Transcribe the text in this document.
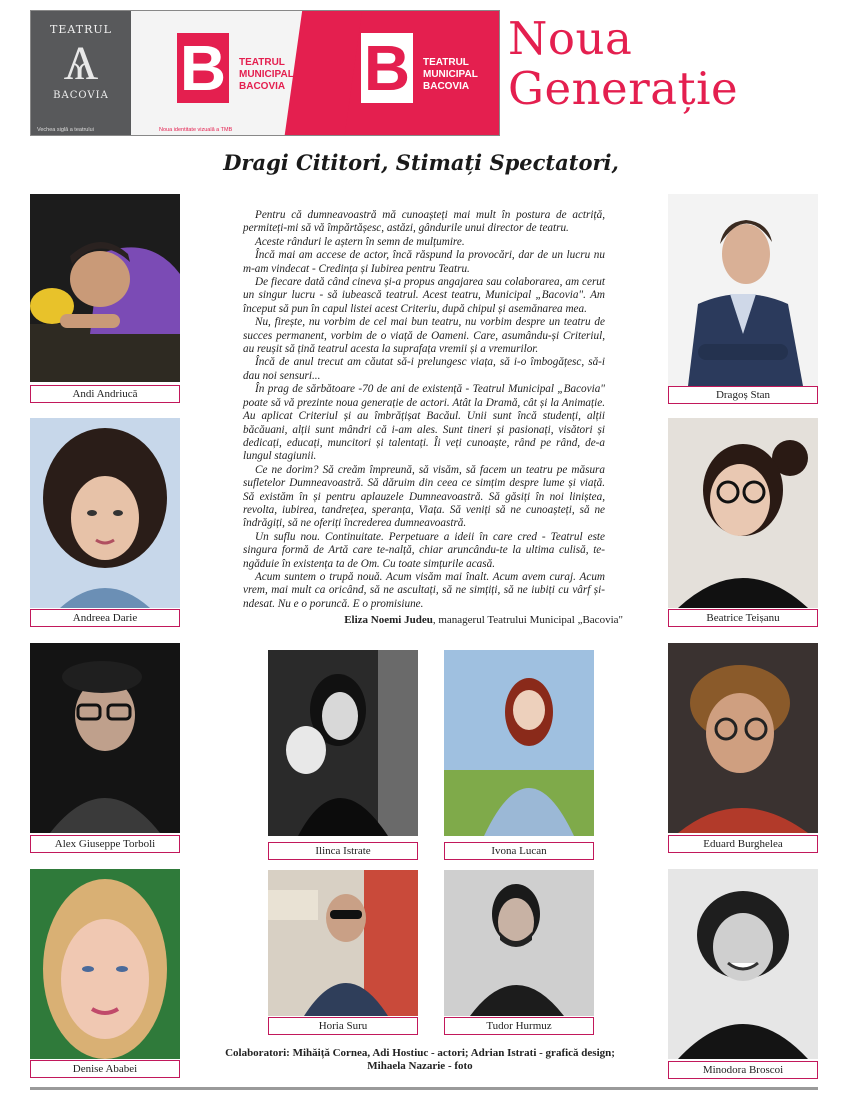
TEATRUL
Ѧ
BACOVIA
Vechea siglă a teatrului	Noua identitate vizuală a TMB
B TEATRUL
MUNICIPAL
BACOVIA B TEATRUL
MUNICIPAL
BACOVIA
Noua
Generație
Dragi Cititori, Stimați Spectatori,

Pentru că dumneavoastră mă cunoașteți mai mult în postura de actriță, permiteți-mi să vă împărtășesc, astăzi, gândurile unui director de teatru.

Aceste rânduri le aștern în semn de mulțumire.

Încă mai am accese de actor, încă răspund la provocări, dar de un lucru nu m-am vindecat - Credința și Iubirea pentru Teatru.

De fiecare dată când cineva și-a propus angajarea sau colaborarea, am cerut un singur lucru - să iubească teatrul. Acest teatru, Municipal „Bacovia". Am început să pun în capul listei acest Criteriu, după chipul și asemănarea mea.

Nu, firește, nu vorbim de cel mai bun teatru, nu vorbim despre un teatru de succes permanent, vorbim de o viață de Oameni. Care, asumându-și Criteriul, au reușit să țină teatrul acesta la suprafața vremii și a vremurilor.

Încă de anul trecut am căutat să-i prelungesc viața, să i-o îmbogățesc, să-i dau noi sensuri...

În prag de sărbătoare -70 de ani de existență - Teatrul Municipal „Bacovia" poate să vă prezinte noua generație de actori. Atât la Dramă, cât și la Animație. Au aplicat Criteriul și au îmbrățișat Bacăul. Unii sunt încă studenți, alții băcăuani, alții sunt mândri că i-am ales. Sunt tineri și pasionați, visători și dedicați, educați, muncitori și talentați. Îi veți cunoaște, rând pe rând, de-a lungul stagiunii.

Ce ne dorim? Să creăm împreună, să visăm, să facem un teatru pe măsura sufletelor Dumneavoastră. Să dăruim din ceea ce simțim despre lume și viață. Să existăm în și pentru aplauzele Dumneavoastră. Să găsiți în noi liniștea, revolta, iubirea, tandrețea, speranța, Viața. Să veniți să ne cunoașteți, să ne îndrăgiți, să ne oferiți încrederea dumneavoastră.

Un suflu nou. Continuitate. Perpetuare a ideii în care cred - Teatrul este singura formă de Artă care te-nalță, chiar aruncându-te la ultima culisă, te-ngăduie în existența ta de Om. Cu toate simțurile acasă.

Acum suntem o trupă nouă. Acum visăm mai înalt. Acum avem curaj. Acum vrem, mai mult ca oricând, să ne ascultați, să ne simțiți, să ne iubiți cu vârf și-ndesat. Nu e o poruncă. E o promisiune.

Eliza Noemi Judeu, managerul Teatrului Municipal „Bacovia"
Andi Andriucă	Dragoș Stan
Andreea Darie	Beatrice Teișanu
Alex Giuseppe Torboli
Ilinca Istrate	Ivona Lucan
Eduard Burghelea
Denise Ababei
Horia Suru	Tudor Hurmuz
Minodora Broscoi
Colaboratori: Mihăiță Cornea, Adi Hostiuc - actori; Adrian Istrati - grafică design;
Mihaela Nazarie - foto
